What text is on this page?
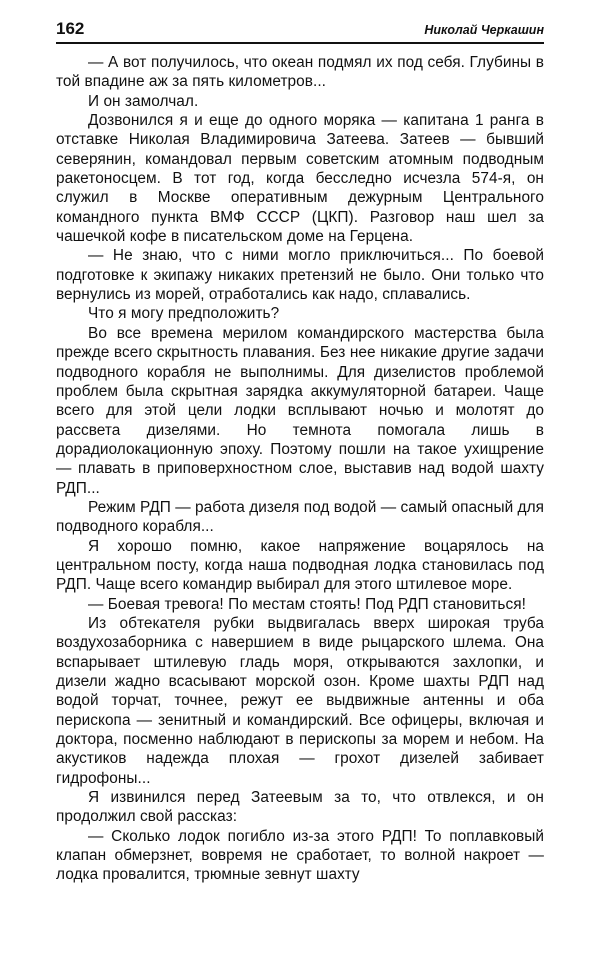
162	Николай Черкашин

— А вот получилось, что океан подмял их под себя. Глубины в той впадине аж за пять километров...

И он замолчал.

Дозвонился я и еще до одного моряка — капитана 1 ранга в отставке Николая Владимировича Затеева. Затеев — бывший северянин, командовал первым советским атомным подводным ракетоносцем. В тот год, когда бесследно исчезла 574-я, он служил в Москве оперативным дежурным Центрального командного пункта ВМФ СССР (ЦКП). Разговор наш шел за чашечкой кофе в писательском доме на Герцена.

— Не знаю, что с ними могло приключиться... По боевой подготовке к экипажу никаких претензий не было. Они только что вернулись из морей, отработались как надо, сплавались.

Что я могу предположить?

Во все времена мерилом командирского мастерства была прежде всего скрытность плавания. Без нее никакие другие задачи подводного корабля не выполнимы. Для дизелистов проблемой проблем была скрытная зарядка аккумуляторной батареи. Чаще всего для этой цели лодки всплывают ночью и молотят до рассвета дизелями. Но темнота помогала лишь в дорадиолокационную эпоху. Поэтому пошли на такое ухищрение — плавать в приповерхностном слое, выставив над водой шахту РДП...

Режим РДП — работа дизеля под водой — самый опасный для подводного корабля...

Я хорошо помню, какое напряжение воцарялось на центральном посту, когда наша подводная лодка становилась под РДП. Чаще всего командир выбирал для этого штилевое море.

— Боевая тревога! По местам стоять! Под РДП становиться!

Из обтекателя рубки выдвигалась вверх широкая труба воздухозаборника с навершием в виде рыцарского шлема. Она вспарывает штилевую гладь моря, открываются захлопки, и дизели жадно всасывают морской озон. Кроме шахты РДП над водой торчат, точнее, режут ее выдвижные антенны и оба перископа — зенитный и командирский. Все офицеры, включая и доктора, посменно наблюдают в перископы за морем и небом. На акустиков надежда плохая — грохот дизелей забивает гидрофоны...

Я извинился перед Затеевым за то, что отвлекся, и он продолжил свой рассказ:

— Сколько лодок погибло из-за этого РДП! То поплавковый клапан обмерзнет, вовремя не сработает, то волной накроет — лодка провалится, трюмные зевнут шахту
